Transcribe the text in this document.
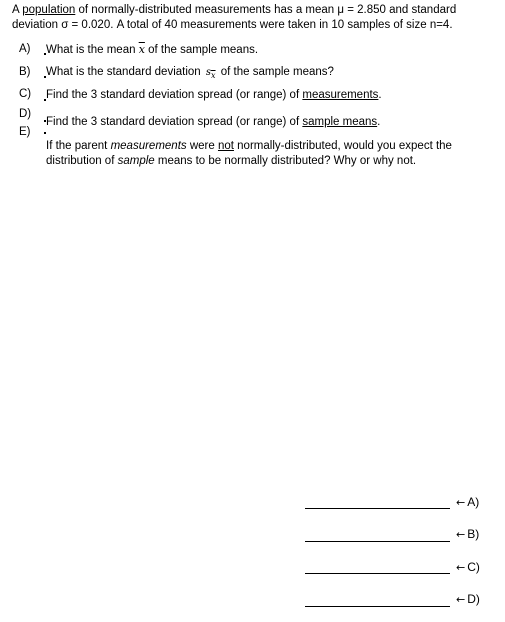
A population of normally-distributed measurements has a mean μ = 2.850 and standard deviation σ = 0.020. A total of 40 measurements were taken in 10 samples of size n=4.
A) What is the mean $\overline{x}$ of the sample means.
B) What is the standard deviation $s_{\overline{x}}$ of the sample means?
C) Find the 3 standard deviation spread (or range) of measurements.
D)
Find the 3 standard deviation spread (or range) of sample means.
E)
If the parent measurements were not normally-distributed, would you expect the distribution of sample means to be normally distributed? Why or why not.
← A)
← B)
← C)
← D)
